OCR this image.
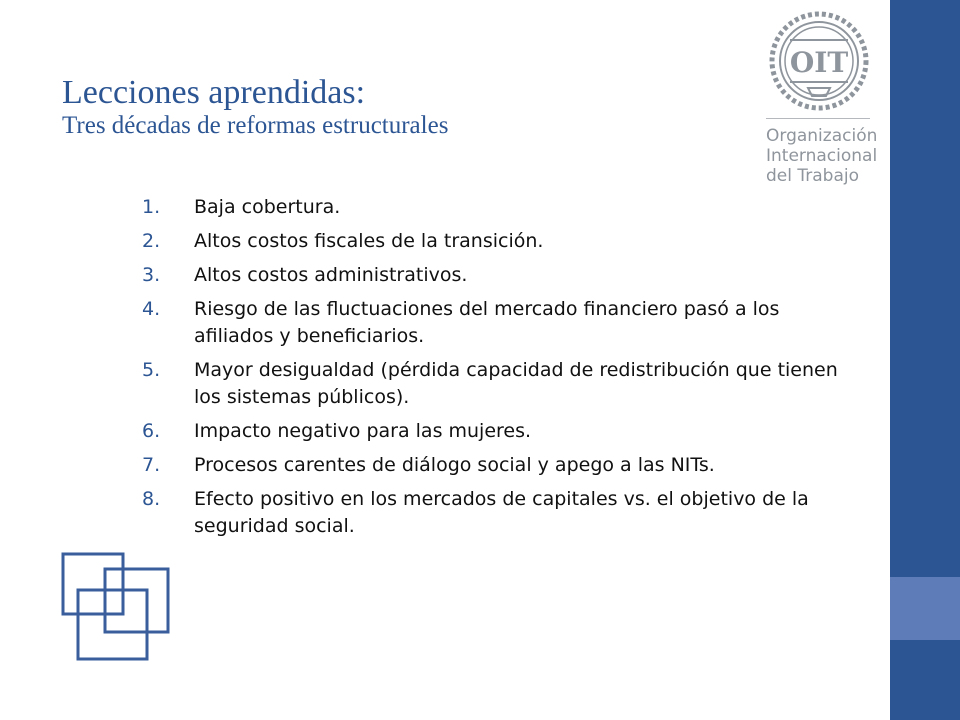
Lecciones aprendidas:
Tres décadas de reformas estructurales
OIT
Organización
Internacional
del Trabajo
1.	Baja cobertura.
2.	Altos costos fiscales de la transición.
3.	Altos costos administrativos.
4.	Riesgo de las fluctuaciones del mercado financiero pasó a los afiliados y beneficiarios.
5.	Mayor desigualdad (pérdida capacidad de redistribución que tienen los sistemas públicos).
6.	Impacto negativo para las mujeres.
7.	Procesos carentes de diálogo social y apego a las NITs.
8.	Efecto positivo en los mercados de capitales vs. el objetivo de la seguridad social.
